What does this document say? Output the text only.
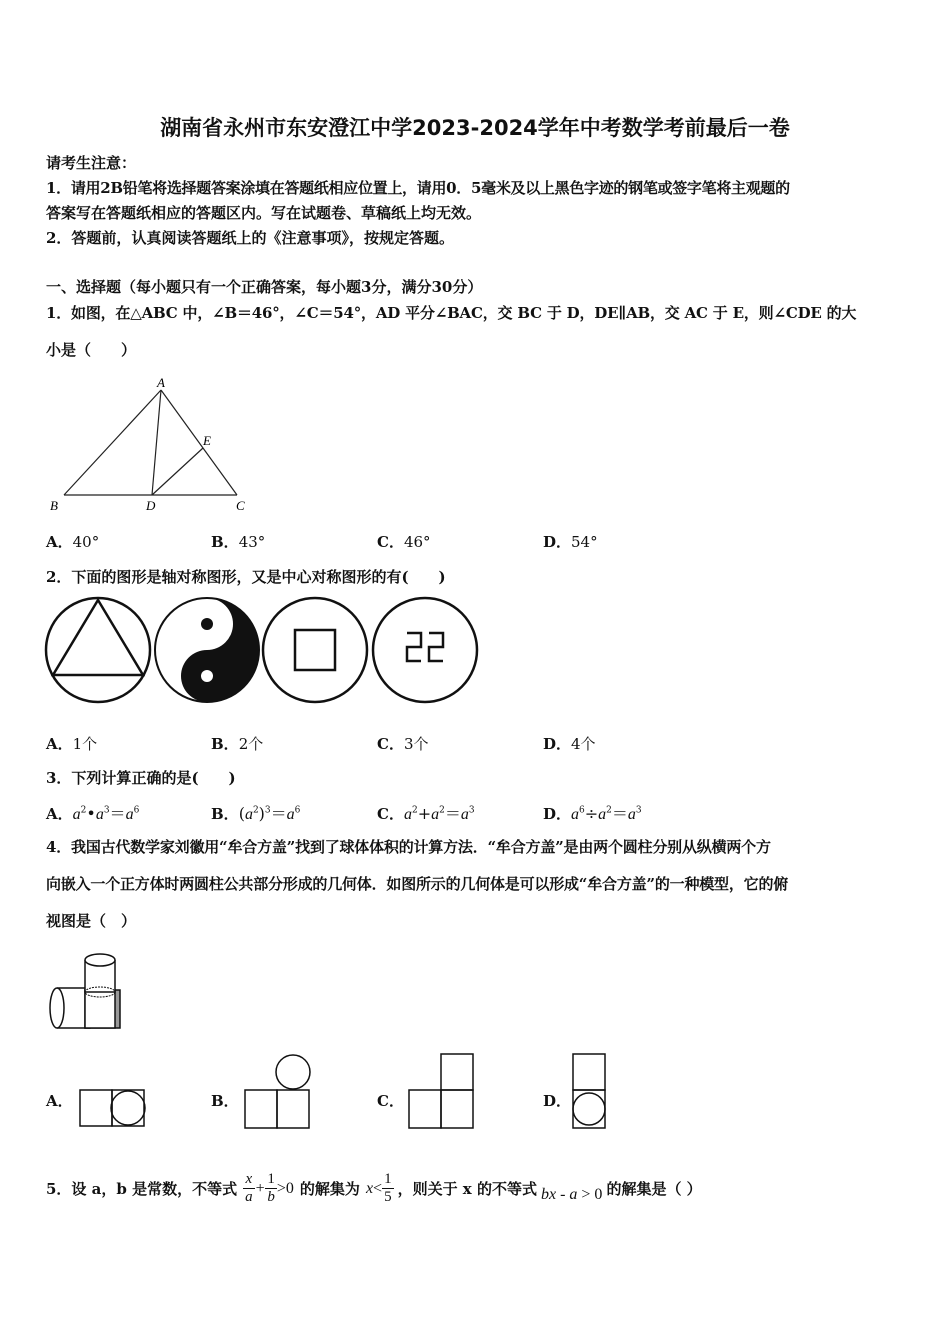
湖南省永州市东安澄江中学2023-2024学年中考数学考前最后一卷
请考生注意：
1．请用2B铅笔将选择题答案涂填在答题纸相应位置上，请用0．5毫米及以上黑色字迹的钢笔或签字笔将主观题的
答案写在答题纸相应的答题区内。写在试题卷、草稿纸上均无效。
2．答题前，认真阅读答题纸上的《注意事项》，按规定答题。
一、选择题（每小题只有一个正确答案，每小题3分，满分30分）
1．如图，在△ABC 中，∠B＝46°，∠C＝54°，AD 平分∠BAC，交 BC 于 D，DE∥AB，交 AC 于 E，则∠CDE 的大
小是（　　）
A
B	D	C
E
A．40°	B．43°	C．46°	D．54°
2．下面的图形是轴对称图形，又是中心对称图形的有(　　)
A．1个	B．2个	C．3个	D．4个
3．下列计算正确的是(　　)
A．$a^2•a^3=a^6$	B．$(a^2)^3=a^6$	C．$a^2+a^2=a^3$	D．$a^6\div a^2=a^3$
4．我国古代数学家刘徽用“牟合方盖”找到了球体体积的计算方法．“牟合方盖”是由两个圆柱分别从纵横两个方
向嵌入一个正方体时两圆柱公共部分形成的几何体．如图所示的几何体是可以形成“牟合方盖”的一种模型，它的俯
视图是（　）
A．	B．	C．	D．
5．设 a，b 是常数，不等式 $\frac{x}{a} + \frac{1}{b} >0$ 的解集为 $x< \frac{1}{5}$ ，则关于 x 的不等式 bx - a > 0 的解集是（ ）
